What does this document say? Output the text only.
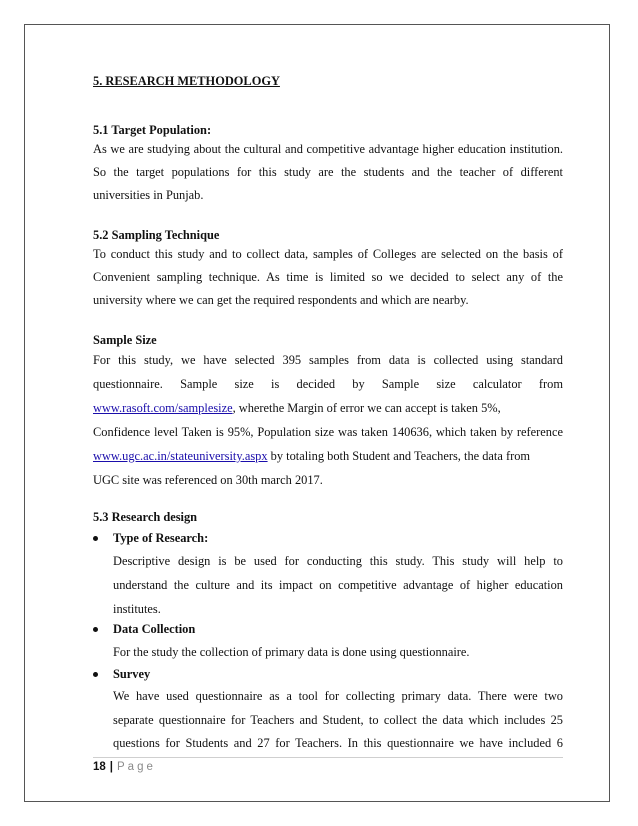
5. RESEARCH METHODOLOGY
5.1 Target Population:
As we are studying about the cultural and competitive advantage higher education institution.
So the target populations for this study are the students and the teacher of different
universities in Punjab.
5.2 Sampling Technique
To conduct this study and to collect data, samples of Colleges are selected on the basis of
Convenient sampling technique. As time is limited so we decided to select any of the
university where we can get the required respondents and which are nearby.
Sample Size
For this study, we have selected 395 samples from data is collected using standard
questionnaire. Sample size is decided by Sample size calculator from
www.rasoft.com/samplesize, wherethe Margin of error we can accept is taken 5%,
Confidence level Taken is 95%, Population size was taken 140636, which taken by reference
www.ugc.ac.in/stateuniversity.aspx by totaling both Student and Teachers, the data from
UGC site was referenced on 30th march 2017.
5.3 Research design
Type of Research:
Descriptive design is be used for conducting this study. This study will help to
understand the culture and its impact on competitive advantage of higher education
institutes.
Data Collection
For the study the collection of primary data is done using questionnaire.
Survey
We have used questionnaire as a tool for collecting primary data. There were two
separate questionnaire for Teachers and Student, to collect the data which includes 25
questions for Students and 27 for Teachers. In this questionnaire we have included 6
18 | Page
